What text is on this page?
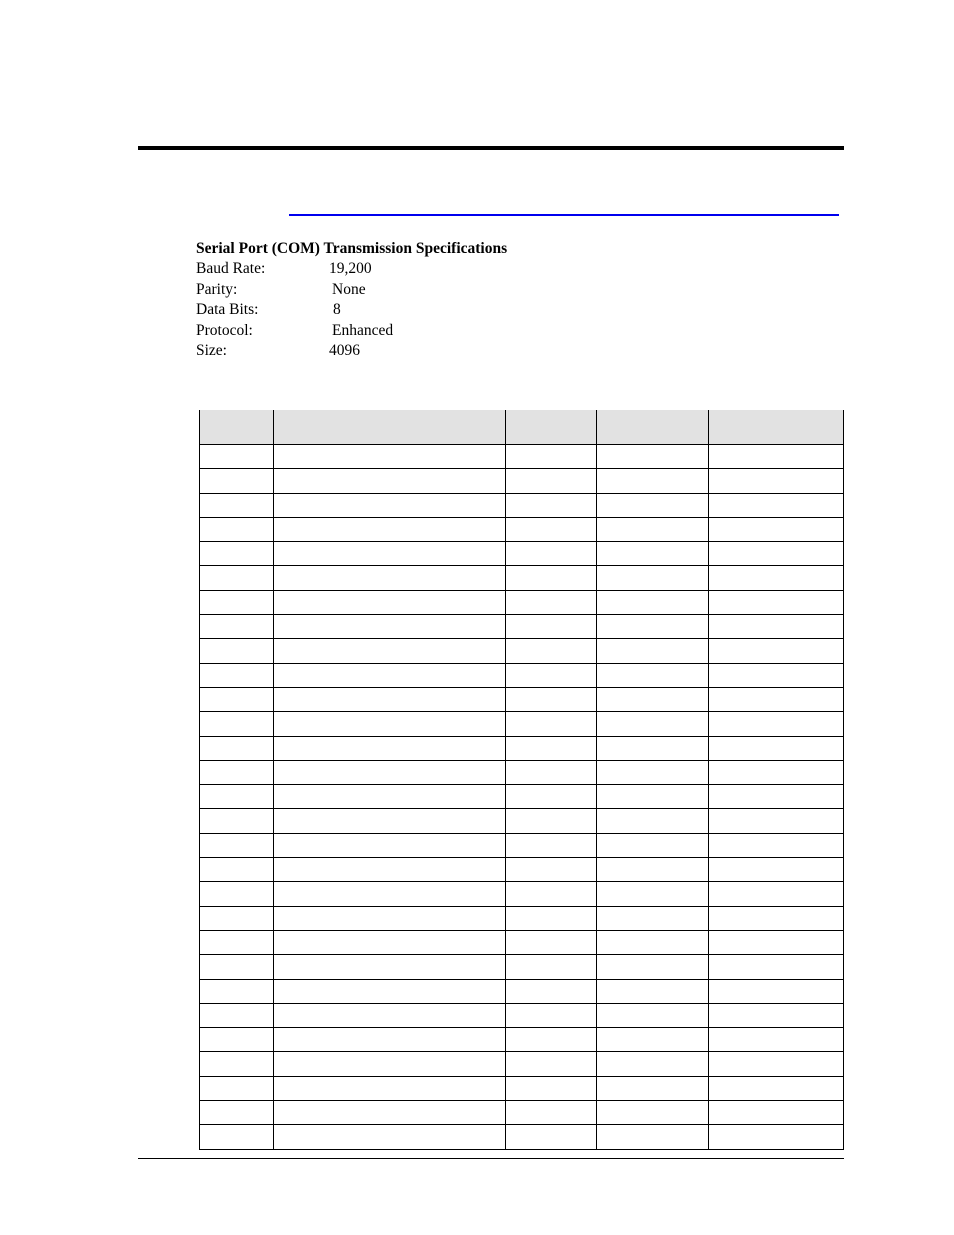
Serial Port (COM) Transmission Specifications
Baud Rate:	19,200
Parity:	None
Data Bits:	8
Protocol:	Enhanced
Size:	4096
